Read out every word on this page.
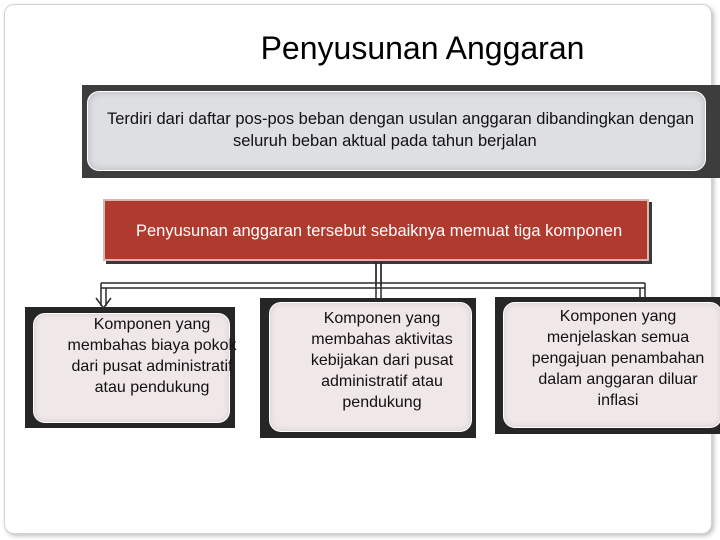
Penyusunan Anggaran
Terdiri dari daftar pos-pos beban dengan usulan anggaran dibandingkan dengan
seluruh beban aktual pada tahun berjalan
Penyusunan anggaran tersebut sebaiknya memuat tiga komponen
Komponen yang
membahas biaya pokok
dari pusat administratif
atau pendukung
Komponen yang
membahas aktivitas
kebijakan dari pusat
administratif atau
pendukung
Komponen yang
menjelaskan semua
pengajuan penambahan
dalam anggaran diluar
inflasi
